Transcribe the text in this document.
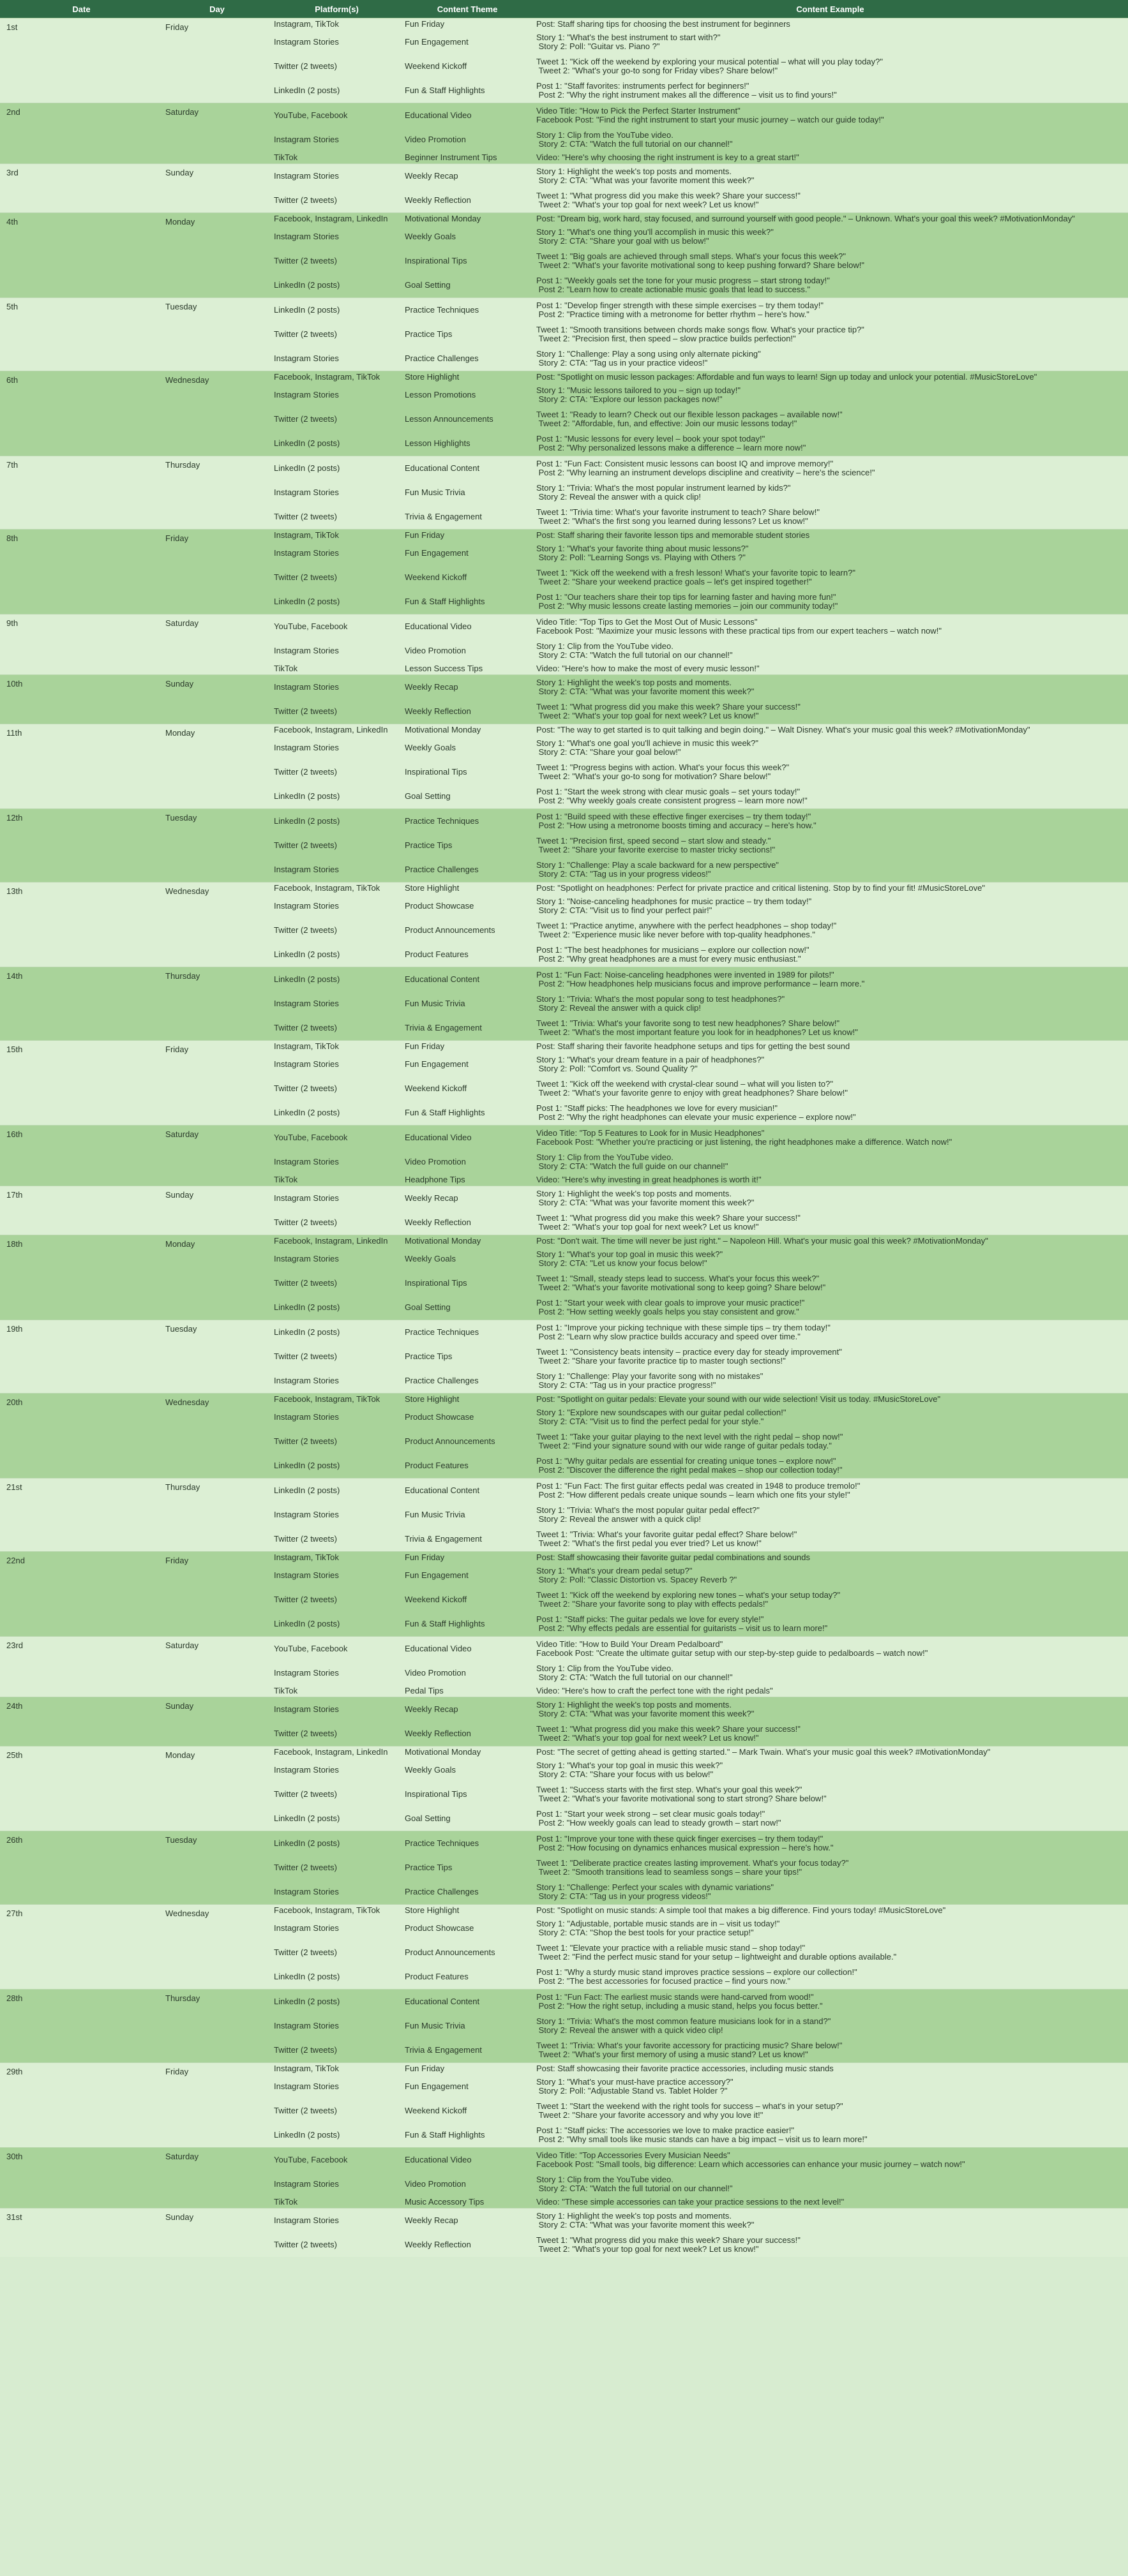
Date	Day	Platform(s)	Content Theme	Content Example
1st	Friday	Instagram, TikTok	Fun Friday	Post: Staff sharing tips for choosing the best instrument for beginners
Instagram Stories	Fun Engagement	Story 1: "What's the best instrument to start with?"
Story 2: Poll: "Guitar vs. Piano ?"
Twitter (2 tweets)	Weekend Kickoff	Tweet 1: "Kick off the weekend by exploring your musical potential – what will you play today?"
Tweet 2: "What's your go-to song for Friday vibes? Share below!"
LinkedIn (2 posts)	Fun & Staff Highlights	Post 1: "Staff favorites: instruments perfect for beginners!"
Post 2: "Why the right instrument makes all the difference – visit us to find yours!"
2nd	Saturday	YouTube, Facebook	Educational Video	Video Title: "How to Pick the Perfect Starter Instrument"
Facebook Post: "Find the right instrument to start your music journey – watch our guide today!"
Instagram Stories	Video Promotion	Story 1: Clip from the YouTube video.
Story 2: CTA: "Watch the full tutorial on our channel!"
TikTok	Beginner Instrument Tips	Video: "Here's why choosing the right instrument is key to a great start!"
3rd	Sunday	Instagram Stories	Weekly Recap	Story 1: Highlight the week's top posts and moments.
Story 2: CTA: "What was your favorite moment this week?"
Twitter (2 tweets)	Weekly Reflection	Tweet 1: "What progress did you make this week? Share your success!"
Tweet 2: "What's your top goal for next week? Let us know!"
4th	Monday	Facebook, Instagram, LinkedIn	Motivational Monday	Post: "Dream big, work hard, stay focused, and surround yourself with good people." – Unknown. What's your goal this week? #MotivationMonday"
Instagram Stories	Weekly Goals	Story 1: "What's one thing you'll accomplish in music this week?"
Story 2: CTA: "Share your goal with us below!"
Twitter (2 tweets)	Inspirational Tips	Tweet 1: "Big goals are achieved through small steps. What's your focus this week?"
Tweet 2: "What's your favorite motivational song to keep pushing forward? Share below!"
LinkedIn (2 posts)	Goal Setting	Post 1: "Weekly goals set the tone for your music progress – start strong today!"
Post 2: "Learn how to create actionable music goals that lead to success."
5th	Tuesday	LinkedIn (2 posts)	Practice Techniques	Post 1: "Develop finger strength with these simple exercises – try them today!"
Post 2: "Practice timing with a metronome for better rhythm – here's how."
Twitter (2 tweets)	Practice Tips	Tweet 1: "Smooth transitions between chords make songs flow. What's your practice tip?"
Tweet 2: "Precision first, then speed – slow practice builds perfection!"
Instagram Stories	Practice Challenges	Story 1: "Challenge: Play a song using only alternate picking"
Story 2: CTA: "Tag us in your practice videos!"
6th	Wednesday	Facebook, Instagram, TikTok	Store Highlight	Post: "Spotlight on music lesson packages: Affordable and fun ways to learn! Sign up today and unlock your potential. #MusicStoreLove"
Instagram Stories	Lesson Promotions	Story 1: "Music lessons tailored to you – sign up today!"
Story 2: CTA: "Explore our lesson packages now!"
Twitter (2 tweets)	Lesson Announcements	Tweet 1: "Ready to learn? Check out our flexible lesson packages – available now!"
Tweet 2: "Affordable, fun, and effective: Join our music lessons today!"
LinkedIn (2 posts)	Lesson Highlights	Post 1: "Music lessons for every level – book your spot today!"
Post 2: "Why personalized lessons make a difference – learn more now!"
7th	Thursday	LinkedIn (2 posts)	Educational Content	Post 1: "Fun Fact: Consistent music lessons can boost IQ and improve memory!"
Post 2: "Why learning an instrument develops discipline and creativity – here's the science!"
Instagram Stories	Fun Music Trivia	Story 1: "Trivia: What's the most popular instrument learned by kids?"
Story 2: Reveal the answer with a quick clip!
Twitter (2 tweets)	Trivia & Engagement	Tweet 1: "Trivia time: What's your favorite instrument to teach? Share below!"
Tweet 2: "What's the first song you learned during lessons? Let us know!"
8th	Friday	Instagram, TikTok	Fun Friday	Post: Staff sharing their favorite lesson tips and memorable student stories
Instagram Stories	Fun Engagement	Story 1: "What's your favorite thing about music lessons?"
Story 2: Poll: "Learning Songs vs. Playing with Others ?"
Twitter (2 tweets)	Weekend Kickoff	Tweet 1: "Kick off the weekend with a fresh lesson! What's your favorite topic to learn?"
Tweet 2: "Share your weekend practice goals – let's get inspired together!"
LinkedIn (2 posts)	Fun & Staff Highlights	Post 1: "Our teachers share their top tips for learning faster and having more fun!"
Post 2: "Why music lessons create lasting memories – join our community today!"
9th	Saturday	YouTube, Facebook	Educational Video	Video Title: "Top Tips to Get the Most Out of Music Lessons"
Facebook Post: "Maximize your music lessons with these practical tips from our expert teachers – watch now!"
Instagram Stories	Video Promotion	Story 1: Clip from the YouTube video.
Story 2: CTA: "Watch the full tutorial on our channel!"
TikTok	Lesson Success Tips	Video: "Here's how to make the most of every music lesson!"
10th	Sunday	Instagram Stories	Weekly Recap	Story 1: Highlight the week's top posts and moments.
Story 2: CTA: "What was your favorite moment this week?"
Twitter (2 tweets)	Weekly Reflection	Tweet 1: "What progress did you make this week? Share your success!"
Tweet 2: "What's your top goal for next week? Let us know!"
11th	Monday	Facebook, Instagram, LinkedIn	Motivational Monday	Post: "The way to get started is to quit talking and begin doing." – Walt Disney. What's your music goal this week? #MotivationMonday"
Instagram Stories	Weekly Goals	Story 1: "What's one goal you'll achieve in music this week?"
Story 2: CTA: "Share your goal below!"
Twitter (2 tweets)	Inspirational Tips	Tweet 1: "Progress begins with action. What's your focus this week?"
Tweet 2: "What's your go-to song for motivation? Share below!"
LinkedIn (2 posts)	Goal Setting	Post 1: "Start the week strong with clear music goals – set yours today!"
Post 2: "Why weekly goals create consistent progress – learn more now!"
12th	Tuesday	LinkedIn (2 posts)	Practice Techniques	Post 1: "Build speed with these effective finger exercises – try them today!"
Post 2: "How using a metronome boosts timing and accuracy – here's how."
Twitter (2 tweets)	Practice Tips	Tweet 1: "Precision first, speed second – start slow and steady."
Tweet 2: "Share your favorite exercise to master tricky sections!"
Instagram Stories	Practice Challenges	Story 1: "Challenge: Play a scale backward for a new perspective"
Story 2: CTA: "Tag us in your progress videos!"
13th	Wednesday	Facebook, Instagram, TikTok	Store Highlight	Post: "Spotlight on headphones: Perfect for private practice and critical listening. Stop by to find your fit! #MusicStoreLove"
Instagram Stories	Product Showcase	Story 1: "Noise-canceling headphones for music practice – try them today!"
Story 2: CTA: "Visit us to find your perfect pair!"
Twitter (2 tweets)	Product Announcements	Tweet 1: "Practice anytime, anywhere with the perfect headphones – shop today!"
Tweet 2: "Experience music like never before with top-quality headphones."
LinkedIn (2 posts)	Product Features	Post 1: "The best headphones for musicians – explore our collection now!"
Post 2: "Why great headphones are a must for every music enthusiast."
14th	Thursday	LinkedIn (2 posts)	Educational Content	Post 1: "Fun Fact: Noise-canceling headphones were invented in 1989 for pilots!"
Post 2: "How headphones help musicians focus and improve performance – learn more."
Instagram Stories	Fun Music Trivia	Story 1: "Trivia: What's the most popular song to test headphones?"
Story 2: Reveal the answer with a quick clip!
Twitter (2 tweets)	Trivia & Engagement	Tweet 1: "Trivia: What's your favorite song to test new headphones? Share below!"
Tweet 2: "What's the most important feature you look for in headphones? Let us know!"
15th	Friday	Instagram, TikTok	Fun Friday	Post: Staff sharing their favorite headphone setups and tips for getting the best sound
Instagram Stories	Fun Engagement	Story 1: "What's your dream feature in a pair of headphones?"
Story 2: Poll: "Comfort vs. Sound Quality ?"
Twitter (2 tweets)	Weekend Kickoff	Tweet 1: "Kick off the weekend with crystal-clear sound – what will you listen to?"
Tweet 2: "What's your favorite genre to enjoy with great headphones? Share below!"
LinkedIn (2 posts)	Fun & Staff Highlights	Post 1: "Staff picks: The headphones we love for every musician!"
Post 2: "Why the right headphones can elevate your music experience – explore now!"
16th	Saturday	YouTube, Facebook	Educational Video	Video Title: "Top 5 Features to Look for in Music Headphones"
Facebook Post: "Whether you're practicing or just listening, the right headphones make a difference. Watch now!"
Instagram Stories	Video Promotion	Story 1: Clip from the YouTube video.
Story 2: CTA: "Watch the full guide on our channel!"
TikTok	Headphone Tips	Video: "Here's why investing in great headphones is worth it!"
17th	Sunday	Instagram Stories	Weekly Recap	Story 1: Highlight the week's top posts and moments.
Story 2: CTA: "What was your favorite moment this week?"
Twitter (2 tweets)	Weekly Reflection	Tweet 1: "What progress did you make this week? Share your success!"
Tweet 2: "What's your top goal for next week? Let us know!"
18th	Monday	Facebook, Instagram, LinkedIn	Motivational Monday	Post: "Don't wait. The time will never be just right." – Napoleon Hill. What's your music goal this week? #MotivationMonday"
Instagram Stories	Weekly Goals	Story 1: "What's your top goal in music this week?"
Story 2: CTA: "Let us know your focus below!"
Twitter (2 tweets)	Inspirational Tips	Tweet 1: "Small, steady steps lead to success. What's your focus this week?"
Tweet 2: "What's your favorite motivational song to keep going? Share below!"
LinkedIn (2 posts)	Goal Setting	Post 1: "Start your week with clear goals to improve your music practice!"
Post 2: "How setting weekly goals helps you stay consistent and grow."
19th	Tuesday	LinkedIn (2 posts)	Practice Techniques	Post 1: "Improve your picking technique with these simple tips – try them today!"
Post 2: "Learn why slow practice builds accuracy and speed over time."
Twitter (2 tweets)	Practice Tips	Tweet 1: "Consistency beats intensity – practice every day for steady improvement"
Tweet 2: "Share your favorite practice tip to master tough sections!"
Instagram Stories	Practice Challenges	Story 1: "Challenge: Play your favorite song with no mistakes"
Story 2: CTA: "Tag us in your practice progress!"
20th	Wednesday	Facebook, Instagram, TikTok	Store Highlight	Post: "Spotlight on guitar pedals: Elevate your sound with our wide selection! Visit us today. #MusicStoreLove"
Instagram Stories	Product Showcase	Story 1: "Explore new soundscapes with our guitar pedal collection!"
Story 2: CTA: "Visit us to find the perfect pedal for your style."
Twitter (2 tweets)	Product Announcements	Tweet 1: "Take your guitar playing to the next level with the right pedal – shop now!"
Tweet 2: "Find your signature sound with our wide range of guitar pedals today."
LinkedIn (2 posts)	Product Features	Post 1: "Why guitar pedals are essential for creating unique tones – explore now!"
Post 2: "Discover the difference the right pedal makes – shop our collection today!"
21st	Thursday	LinkedIn (2 posts)	Educational Content	Post 1: "Fun Fact: The first guitar effects pedal was created in 1948 to produce tremolo!"
Post 2: "How different pedals create unique sounds – learn which one fits your style!"
Instagram Stories	Fun Music Trivia	Story 1: "Trivia: What's the most popular guitar pedal effect?"
Story 2: Reveal the answer with a quick clip!
Twitter (2 tweets)	Trivia & Engagement	Tweet 1: "Trivia: What's your favorite guitar pedal effect? Share below!"
Tweet 2: "What's the first pedal you ever tried? Let us know!"
22nd	Friday	Instagram, TikTok	Fun Friday	Post: Staff showcasing their favorite guitar pedal combinations and sounds
Instagram Stories	Fun Engagement	Story 1: "What's your dream pedal setup?"
Story 2: Poll: "Classic Distortion vs. Spacey Reverb ?"
Twitter (2 tweets)	Weekend Kickoff	Tweet 1: "Kick off the weekend by exploring new tones – what's your setup today?"
Tweet 2: "Share your favorite song to play with effects pedals!"
LinkedIn (2 posts)	Fun & Staff Highlights	Post 1: "Staff picks: The guitar pedals we love for every style!"
Post 2: "Why effects pedals are essential for guitarists – visit us to learn more!"
23rd	Saturday	YouTube, Facebook	Educational Video	Video Title: "How to Build Your Dream Pedalboard"
Facebook Post: "Create the ultimate guitar setup with our step-by-step guide to pedalboards – watch now!"
Instagram Stories	Video Promotion	Story 1: Clip from the YouTube video.
Story 2: CTA: "Watch the full tutorial on our channel!"
TikTok	Pedal Tips	Video: "Here's how to craft the perfect tone with the right pedals"
24th	Sunday	Instagram Stories	Weekly Recap	Story 1: Highlight the week's top posts and moments.
Story 2: CTA: "What was your favorite moment this week?"
Twitter (2 tweets)	Weekly Reflection	Tweet 1: "What progress did you make this week? Share your success!"
Tweet 2: "What's your top goal for next week? Let us know!"
25th	Monday	Facebook, Instagram, LinkedIn	Motivational Monday	Post: "The secret of getting ahead is getting started." – Mark Twain. What's your music goal this week? #MotivationMonday"
Instagram Stories	Weekly Goals	Story 1: "What's your top goal in music this week?"
Story 2: CTA: "Share your focus with us below!"
Twitter (2 tweets)	Inspirational Tips	Tweet 1: "Success starts with the first step. What's your goal this week?"
Tweet 2: "What's your favorite motivational song to start strong? Share below!"
LinkedIn (2 posts)	Goal Setting	Post 1: "Start your week strong – set clear music goals today!"
Post 2: "How weekly goals can lead to steady growth – start now!"
26th	Tuesday	LinkedIn (2 posts)	Practice Techniques	Post 1: "Improve your tone with these quick finger exercises – try them today!"
Post 2: "How focusing on dynamics enhances musical expression – here's how."
Twitter (2 tweets)	Practice Tips	Tweet 1: "Deliberate practice creates lasting improvement. What's your focus today?"
Tweet 2: "Smooth transitions lead to seamless songs – share your tips!"
Instagram Stories	Practice Challenges	Story 1: "Challenge: Perfect your scales with dynamic variations"
Story 2: CTA: "Tag us in your progress videos!"
27th	Wednesday	Facebook, Instagram, TikTok	Store Highlight	Post: "Spotlight on music stands: A simple tool that makes a big difference. Find yours today! #MusicStoreLove"
Instagram Stories	Product Showcase	Story 1: "Adjustable, portable music stands are in – visit us today!"
Story 2: CTA: "Shop the best tools for your practice setup!"
Twitter (2 tweets)	Product Announcements	Tweet 1: "Elevate your practice with a reliable music stand – shop today!"
Tweet 2: "Find the perfect music stand for your setup – lightweight and durable options available."
LinkedIn (2 posts)	Product Features	Post 1: "Why a sturdy music stand improves practice sessions – explore our collection!"
Post 2: "The best accessories for focused practice – find yours now."
28th	Thursday	LinkedIn (2 posts)	Educational Content	Post 1: "Fun Fact: The earliest music stands were hand-carved from wood!"
Post 2: "How the right setup, including a music stand, helps you focus better."
Instagram Stories	Fun Music Trivia	Story 1: "Trivia: What's the most common feature musicians look for in a stand?"
Story 2: Reveal the answer with a quick video clip!
Twitter (2 tweets)	Trivia & Engagement	Tweet 1: "Trivia: What's your favorite accessory for practicing music? Share below!"
Tweet 2: "What's your first memory of using a music stand? Let us know!"
29th	Friday	Instagram, TikTok	Fun Friday	Post: Staff showcasing their favorite practice accessories, including music stands
Instagram Stories	Fun Engagement	Story 1: "What's your must-have practice accessory?"
Story 2: Poll: "Adjustable Stand vs. Tablet Holder ?"
Twitter (2 tweets)	Weekend Kickoff	Tweet 1: "Start the weekend with the right tools for success – what's in your setup?"
Tweet 2: "Share your favorite accessory and why you love it!"
LinkedIn (2 posts)	Fun & Staff Highlights	Post 1: "Staff picks: The accessories we love to make practice easier!"
Post 2: "Why small tools like music stands can have a big impact – visit us to learn more!"
30th	Saturday	YouTube, Facebook	Educational Video	Video Title: "Top Accessories Every Musician Needs"
Facebook Post: "Small tools, big difference: Learn which accessories can enhance your music journey – watch now!"
Instagram Stories	Video Promotion	Story 1: Clip from the YouTube video.
Story 2: CTA: "Watch the full tutorial on our channel!"
TikTok	Music Accessory Tips	Video: "These simple accessories can take your practice sessions to the next level!"
31st	Sunday	Instagram Stories	Weekly Recap	Story 1: Highlight the week's top posts and moments.
Story 2: CTA: "What was your favorite moment this week?"
Twitter (2 tweets)	Weekly Reflection	Tweet 1: "What progress did you make this week? Share your success!"
Tweet 2: "What's your top goal for next week? Let us know!"
